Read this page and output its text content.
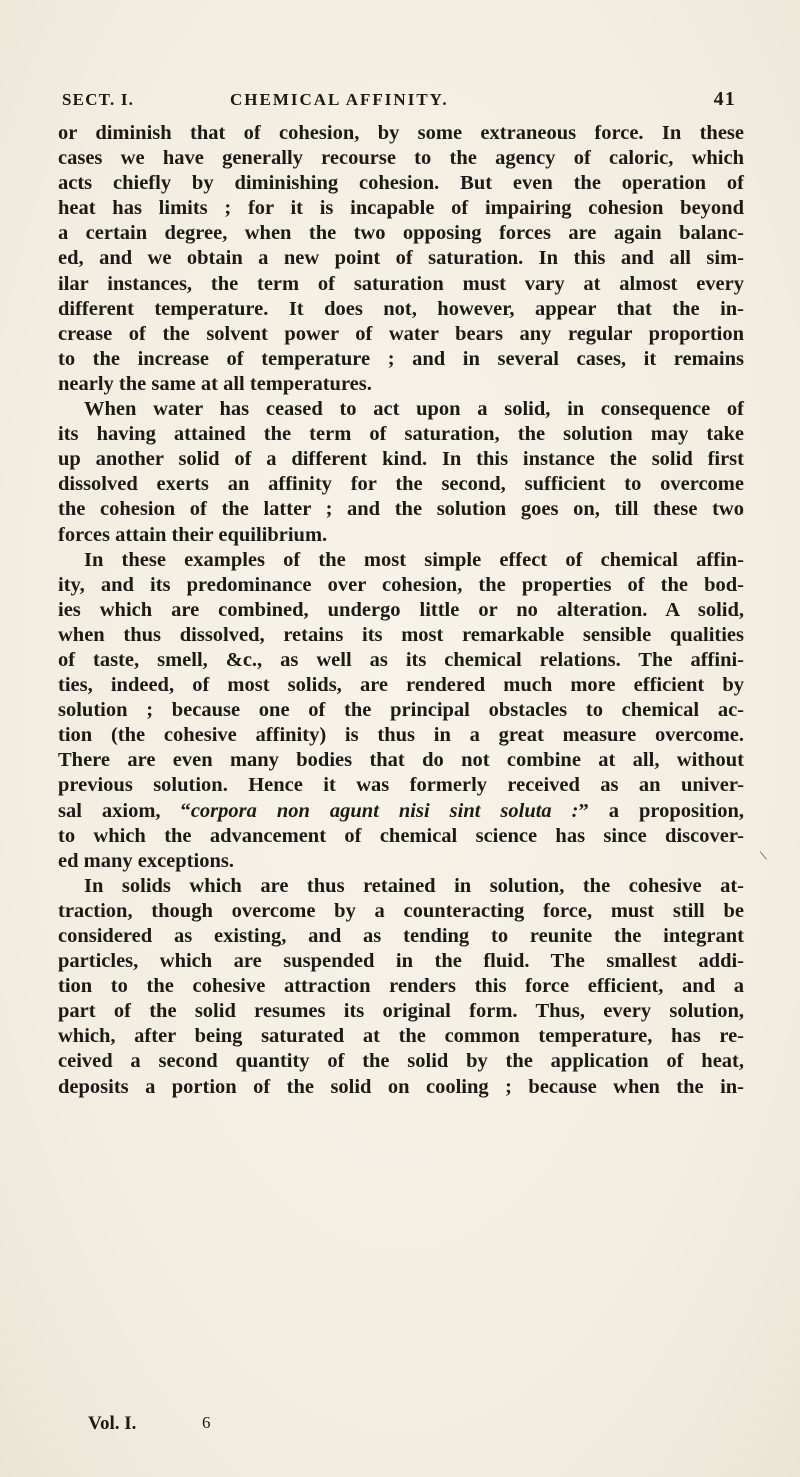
SECT. I.	CHEMICAL AFFINITY.	41
or diminish that of cohesion, by some extraneous force. In these
cases we have generally recourse to the agency of caloric, which
acts chiefly by diminishing cohesion. But even the operation of
heat has limits ; for it is incapable of impairing cohesion beyond
a certain degree, when the two opposing forces are again balanc-
ed, and we obtain a new point of saturation. In this and all sim-
ilar instances, the term of saturation must vary at almost every
different temperature. It does not, however, appear that the in-
crease of the solvent power of water bears any regular proportion
to the increase of temperature ; and in several cases, it remains
nearly the same at all temperatures.
When water has ceased to act upon a solid, in consequence of
its having attained the term of saturation, the solution may take
up another solid of a different kind. In this instance the solid first
dissolved exerts an affinity for the second, sufficient to overcome
the cohesion of the latter ; and the solution goes on, till these two
forces attain their equilibrium.
In these examples of the most simple effect of chemical affin-
ity, and its predominance over cohesion, the properties of the bod-
ies which are combined, undergo little or no alteration. A solid,
when thus dissolved, retains its most remarkable sensible qualities
of taste, smell, &c., as well as its chemical relations. The affini-
ties, indeed, of most solids, are rendered much more efficient by
solution ; because one of the principal obstacles to chemical ac-
tion (the cohesive affinity) is thus in a great measure overcome.
There are even many bodies that do not combine at all, without
previous solution. Hence it was formerly received as an univer-
sal axiom, “corpora non agunt nisi sint soluta :” a proposition,
to which the advancement of chemical science has since discover-
ed many exceptions.
In solids which are thus retained in solution, the cohesive at-
traction, though overcome by a counteracting force, must still be
considered as existing, and as tending to reunite the integrant
particles, which are suspended in the fluid. The smallest addi-
tion to the cohesive attraction renders this force efficient, and a
part of the solid resumes its original form. Thus, every solution,
which, after being saturated at the common temperature, has re-
ceived a second quantity of the solid by the application of heat,
deposits a portion of the solid on cooling ; because when the in-
\
Vol. I.	6
